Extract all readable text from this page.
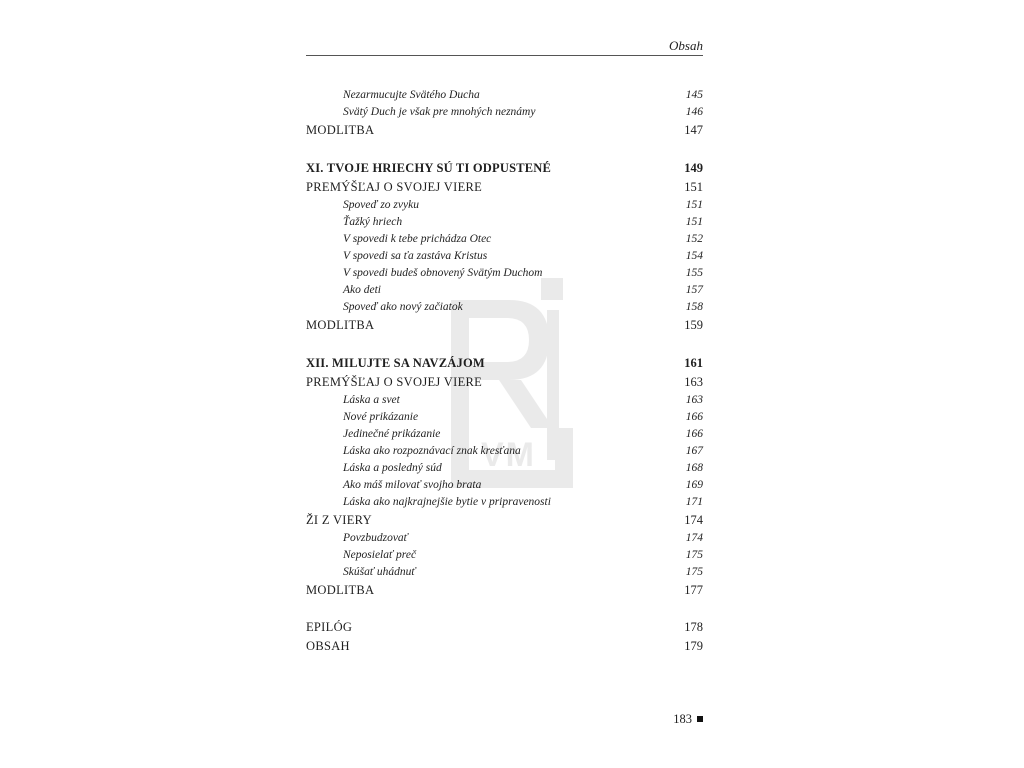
Obsah
VM
Nezarmucujte Svätého Ducha	145
Svätý Duch je však pre mnohých neznámy	146
MODLITBA	147
XI. TVOJE HRIECHY SÚ TI ODPUSTENÉ	149
PREMÝŠĽAJ O SVOJEJ VIERE	151
Spoveď zo zvyku	151
Ťažký hriech	151
V spovedi k tebe prichádza Otec	152
V spovedi sa ťa zastáva Kristus	154
V spovedi budeš obnovený Svätým Duchom	155
Ako deti	157
Spoveď ako nový začiatok	158
MODLITBA	159
XII. MILUJTE SA NAVZÁJOM	161
PREMÝŠĽAJ O SVOJEJ VIERE	163
Láska a svet	163
Nové prikázanie	166
Jedinečné prikázanie	166
Láska ako rozpoznávací znak kresťana	167
Láska a posledný súd	168
Ako máš milovať svojho brata	169
Láska ako najkrajnejšie bytie v pripravenosti	171
ŽI Z VIERY	174
Povzbudzovať	174
Neposielať preč	175
Skúšať uhádnuť	175
MODLITBA	177
EPILÓG	178
OBSAH	179
183
